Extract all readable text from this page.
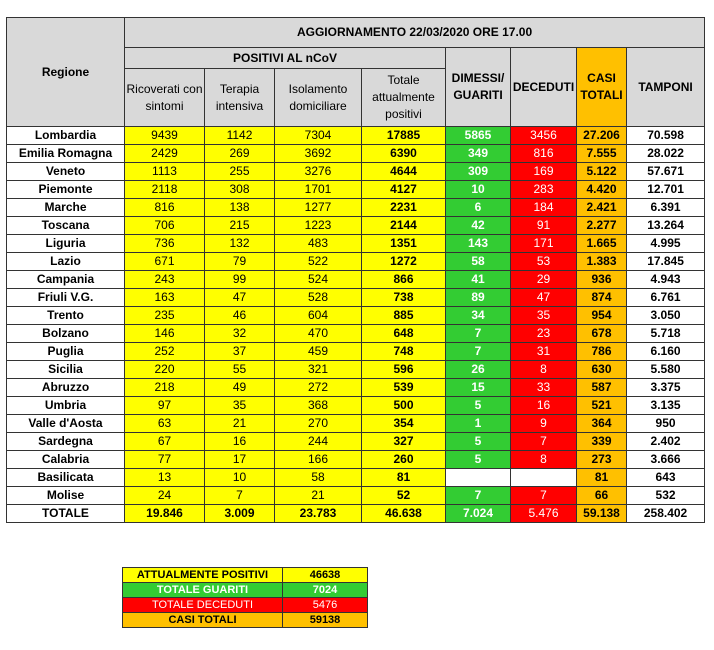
Regione	AGGIORNAMENTO 22/03/2020 ORE 17.00							
	POSITIVI AL nCoV				DIMESSI/ GUARITI	DECEDUTI	CASI TOTALI	TAMPONI
	Ricoverati con sintomi	Terapia intensiva	Isolamento domiciliare	Totale attualmente positivi				
Lombardia	9439	1142	7304	17885	5865	3456	27.206	70.598
Emilia Romagna	2429	269	3692	6390	349	816	7.555	28.022
Veneto	1113	255	3276	4644	309	169	5.122	57.671
Piemonte	2118	308	1701	4127	10	283	4.420	12.701
Marche	816	138	1277	2231	6	184	2.421	6.391
Toscana	706	215	1223	2144	42	91	2.277	13.264
Liguria	736	132	483	1351	143	171	1.665	4.995
Lazio	671	79	522	1272	58	53	1.383	17.845
Campania	243	99	524	866	41	29	936	4.943
Friuli V.G.	163	47	528	738	89	47	874	6.761
Trento	235	46	604	885	34	35	954	3.050
Bolzano	146	32	470	648	7	23	678	5.718
Puglia	252	37	459	748	7	31	786	6.160
Sicilia	220	55	321	596	26	8	630	5.580
Abruzzo	218	49	272	539	15	33	587	3.375
Umbria	97	35	368	500	5	16	521	3.135
Valle d'Aosta	63	21	270	354	1	9	364	950
Sardegna	67	16	244	327	5	7	339	2.402
Calabria	77	17	166	260	5	8	273	3.666
Basilicata	13	10	58	81			81	643
Molise	24	7	21	52	7	7	66	532
TOTALE	19.846	3.009	23.783	46.638	7.024	5.476	59.138	258.402
ATTUALMENTE POSITIVI	46638
TOTALE GUARITI	7024
TOTALE DECEDUTI	5476
CASI TOTALI	59138
